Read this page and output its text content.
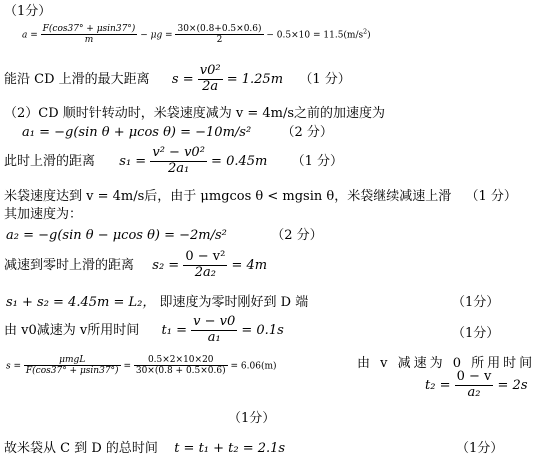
（1分）
$a = \frac{F(\cos 37^\circ + \mu\sin 37^\circ)}{m} - \mu g = \frac{30\times(0.8+0.5\times 0.6)}{2} - 0.5\times 10 = 11.5(m/s^2)$
能沿 CD 上滑的最大距离 $s = \frac{\text{v0²}}{2a} = 1.25m$ （1 分）
（2）CD 顺时针转动时，米袋速度减为 v = 4m/s之前的加速度为
a₁ = −g(sin θ + μcos θ) = −10m/s² （2 分）
此时上滑的距离 $s_1 = \frac{\text{v² − v0²}}{\text{2a₁}} = 0.45m$ （1 分）
米袋速度达到 v = 4m/s后，由于 μmgcos θ < mgsin θ，米袋继续减速上滑 （1 分）
其加速度为：
a₂ = −g(sin θ − μcos θ) = −2m/s²	（2 分）
减速到零时上滑的距离 $s_2 = \frac{\text{0 − v²}}{\text{2a₂}} = 4m$
s₁ + s₂ = 4.45m = L₂， 即速度为零时刚好到 D 端	（1分）
由 v0减速为 v所用时间 $t_1 = \frac{v - v0}{\text{a₁}} = 0.1s$	（1分）
$s = \frac{\text{μmgL}}{F(\cos 37^\circ + \mu\sin 37^\circ)} = \frac{0.5\times 2\times 10\times 20}{30\times(0.8 + 0.5\times 0.6)} = 6.06(m)$	由 v 减速为 0 所用时间
$t_2 = \frac{0 - v}{\text{a₂}} = 2s$
（1分）
故米袋从 C 到 D 的总时间 t = t₁ + t₂ = 2.1s	（1分）
